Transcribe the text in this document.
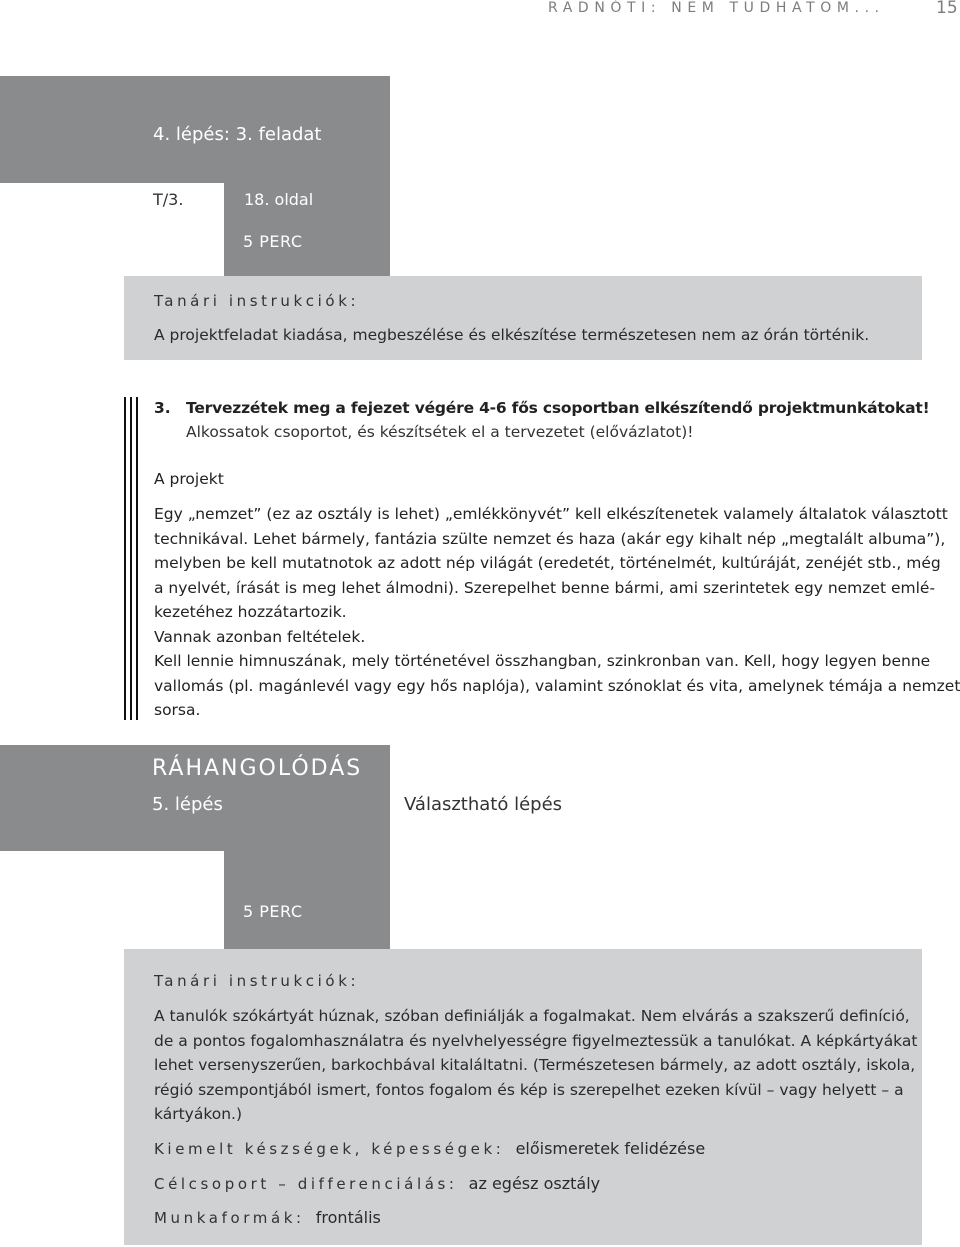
RADNÓTI: NEM TUDHATOM...	15
4. lépés: 3. feladat
T/3.	18. oldal
5 PERC
Tanári instrukciók:
A projektfeladat kiadása, megbeszélése és elkészítése természetesen nem az órán történik.
3. Tervezzétek meg a fejezet végére 4-6 fős csoportban elkészítendő projektmunkátokat!
Alkossatok csoportot, és készítsétek el a tervezetet (elővázlatot)!
A projekt
Egy „nemzet” (ez az osztály is lehet) „emlékkönyvét” kell elkészítenetek valamely általatok választott
technikával. Lehet bármely, fantázia szülte nemzet és haza (akár egy kihalt nép „megtalált albuma”),
melyben be kell mutatnotok az adott nép világát (eredetét, történelmét, kultúráját, zenéjét stb., még
a nyelvét, írását is meg lehet álmodni). Szerepelhet benne bármi, ami szerintetek egy nemzet emlé-
kezetéhez hozzátartozik.
Vannak azonban feltételek.
Kell lennie himnuszának, mely történetével összhangban, szinkronban van. Kell, hogy legyen benne
vallomás (pl. magánlevél vagy egy hős naplója), valamint szónoklat és vita, amelynek témája a nemzet
sorsa.
RÁHANGOLÓDÁS
5. lépés	Választható lépés
5 PERC
Tanári instrukciók:
A tanulók szókártyát húznak, szóban definiálják a fogalmakat. Nem elvárás a szakszerű definíció,
de a pontos fogalomhasználatra és nyelvhelyességre figyelmeztessük a tanulókat. A képkártyákat
lehet versenyszerűen, barkochbával kitaláltatni. (Természetesen bármely, az adott osztály, iskola,
régió szempontjából ismert, fontos fogalom és kép is szerepelhet ezeken kívül – vagy helyett – a
kártyákon.)
Kiemelt készségek, képességek: előismeretek felidézése
Célcsoport – differenciálás: az egész osztály
Munkaformák: frontális
